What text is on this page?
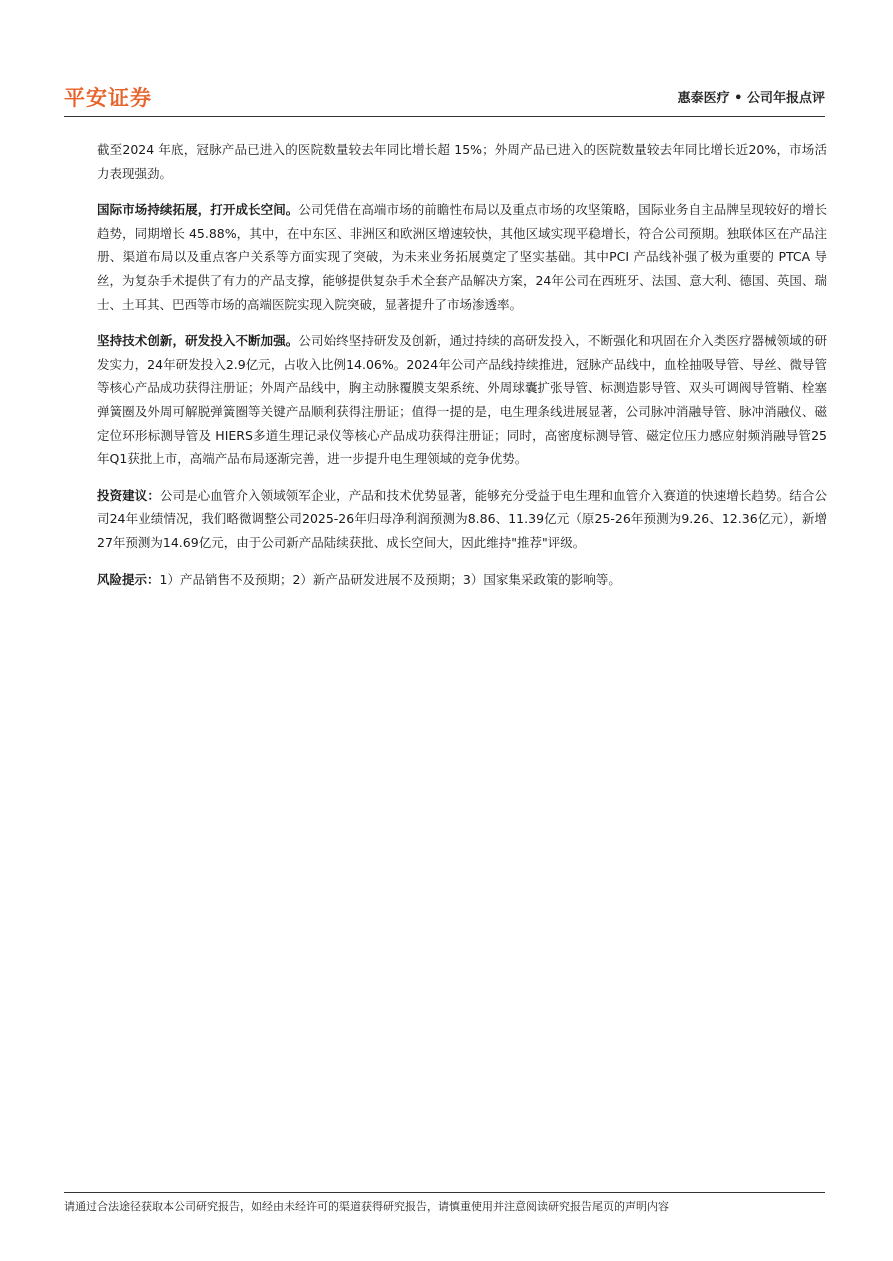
平安证券	惠泰医疗 • 公司年报点评

截至2024 年底，冠脉产品已进入的医院数量较去年同比增长超 15%；外周产品已进入的医院数量较去年同比增长近20%，市场活力表现强劲。

国际市场持续拓展，打开成长空间。公司凭借在高端市场的前瞻性布局以及重点市场的攻坚策略，国际业务自主品牌呈现较好的增长趋势，同期增长 45.88%，其中，在中东区、非洲区和欧洲区增速较快，其他区域实现平稳增长，符合公司预期。独联体区在产品注册、渠道布局以及重点客户关系等方面实现了突破，为未来业务拓展奠定了坚实基础。其中PCI 产品线补强了极为重要的 PTCA 导丝，为复杂手术提供了有力的产品支撑，能够提供复杂手术全套产品解决方案，24年公司在西班牙、法国、意大利、德国、英国、瑞士、土耳其、巴西等市场的高端医院实现入院突破，显著提升了市场渗透率。

坚持技术创新，研发投入不断加强。公司始终坚持研发及创新，通过持续的高研发投入，不断强化和巩固在介入类医疗器械领域的研发实力，24年研发投入2.9亿元，占收入比例14.06%。2024年公司产品线持续推进，冠脉产品线中，血栓抽吸导管、导丝、微导管等核心产品成功获得注册证；外周产品线中，胸主动脉覆膜支架系统、外周球囊扩张导管、标测造影导管、双头可调阀导管鞘、栓塞弹簧圈及外周可解脱弹簧圈等关键产品顺利获得注册证；值得一提的是，电生理条线进展显著，公司脉冲消融导管、脉冲消融仪、磁定位环形标测导管及 HIERS多道生理记录仪等核心产品成功获得注册证；同时，高密度标测导管、磁定位压力感应射频消融导管25年Q1获批上市，高端产品布局逐渐完善，进一步提升电生理领域的竞争优势。

投资建议：公司是心血管介入领域领军企业，产品和技术优势显著，能够充分受益于电生理和血管介入赛道的快速增长趋势。结合公司24年业绩情况，我们略微调整公司2025-26年归母净利润预测为8.86、11.39亿元（原25-26年预测为9.26、12.36亿元），新增27年预测为14.69亿元，由于公司新产品陆续获批、成长空间大，因此维持"推荐"评级。

风险提示：1）产品销售不及预期；2）新产品研发进展不及预期；3）国家集采政策的影响等。

请通过合法途径获取本公司研究报告，如经由未经许可的渠道获得研究报告，请慎重使用并注意阅读研究报告尾页的声明内容
